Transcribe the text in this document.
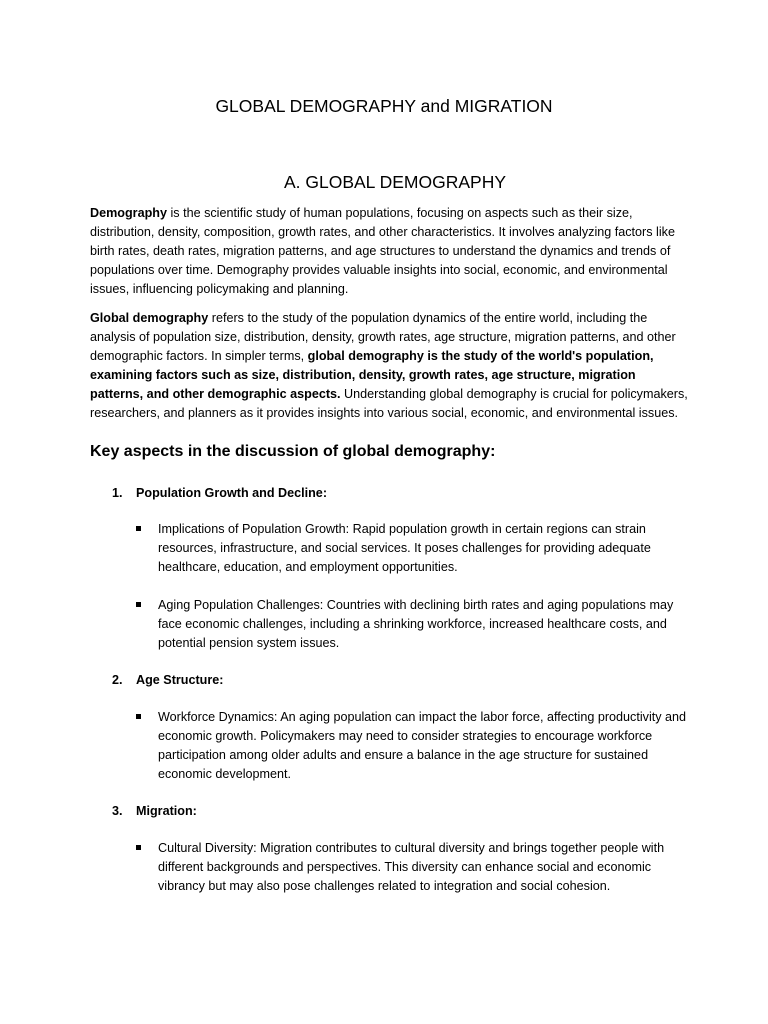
GLOBAL DEMOGRAPHY and MIGRATION
A. GLOBAL DEMOGRAPHY

Demography is the scientific study of human populations, focusing on aspects such as their size, distribution, density, composition, growth rates, and other characteristics. It involves analyzing factors like birth rates, death rates, migration patterns, and age structures to understand the dynamics and trends of populations over time. Demography provides valuable insights into social, economic, and environmental issues, influencing policymaking and planning.

Global demography refers to the study of the population dynamics of the entire world, including the analysis of population size, distribution, density, growth rates, age structure, migration patterns, and other demographic factors. In simpler terms, global demography is the study of the world's population, examining factors such as size, distribution, density, growth rates, age structure, migration patterns, and other demographic aspects. Understanding global demography is crucial for policymakers, researchers, and planners as it provides insights into various social, economic, and environmental issues.

Key aspects in the discussion of global demography:
1. Population Growth and Decline:
Implications of Population Growth: Rapid population growth in certain regions can strain resources, infrastructure, and social services. It poses challenges for providing adequate healthcare, education, and employment opportunities.
Aging Population Challenges: Countries with declining birth rates and aging populations may face economic challenges, including a shrinking workforce, increased healthcare costs, and potential pension system issues.
2. Age Structure:
Workforce Dynamics: An aging population can impact the labor force, affecting productivity and economic growth. Policymakers may need to consider strategies to encourage workforce participation among older adults and ensure a balance in the age structure for sustained economic development.
3. Migration:
Cultural Diversity: Migration contributes to cultural diversity and brings together people with different backgrounds and perspectives. This diversity can enhance social and economic vibrancy but may also pose challenges related to integration and social cohesion.
